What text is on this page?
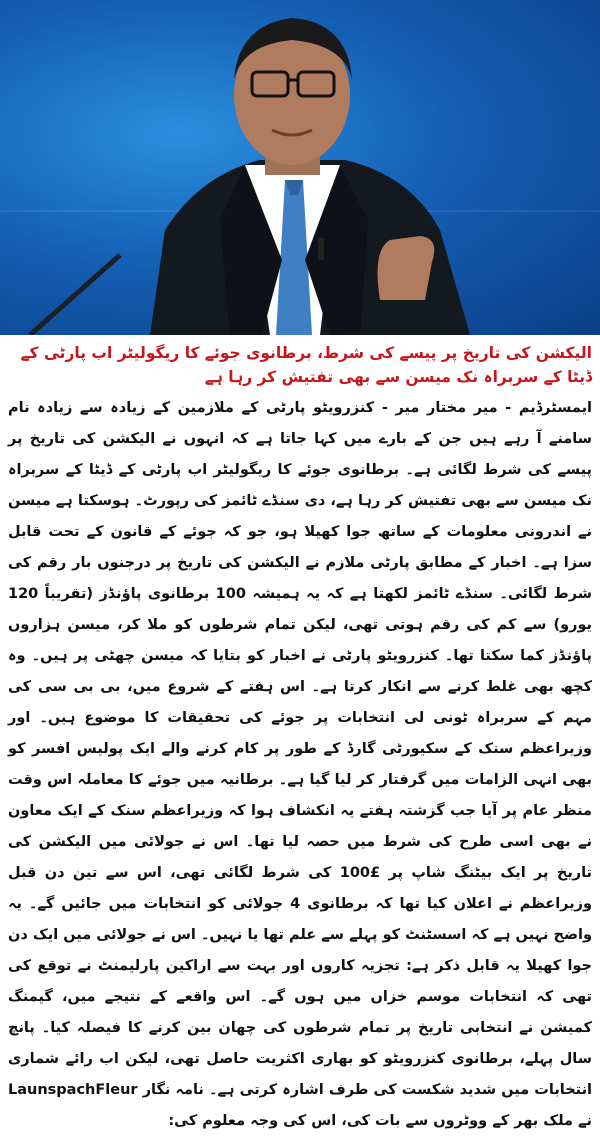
الیکشن کی تاریخ پر پیسے کی شرط، برطانوی جوئے کا ریگولیٹر اب پارٹی کے ڈیٹا کے سربراہ نک میسن سے بھی تفتیش کر رہا ہے

ایمسٹرڈیم - میر مختار میر - کنزرویٹو پارٹی کے ملازمین کے زیادہ سے زیادہ نام سامنے آ رہے ہیں جن کے بارے میں کہا جاتا ہے کہ انہوں نے الیکشن کی تاریخ پر پیسے کی شرط لگائی ہے۔ برطانوی جوئے کا ریگولیٹر اب پارٹی کے ڈیٹا کے سربراہ نک میسن سے بھی تفتیش کر رہا ہے، دی سنڈے ٹائمز کی رپورٹ۔ ہوسکتا ہے میسن نے اندرونی معلومات کے ساتھ جوا کھیلا ہو، جو کہ جوئے کے قانون کے تحت قابل سزا ہے۔ اخبار کے مطابق پارٹی ملازم نے الیکشن کی تاریخ پر درجنوں بار رقم کی شرط لگائی۔ سنڈے ٹائمز لکھتا ہے کہ یہ ہمیشہ 100 برطانوی پاؤنڈز (تقریباً 120 یورو) سے کم کی رقم ہوتی تھی، لیکن تمام شرطوں کو ملا کر، میسن ہزاروں پاؤنڈز کما سکتا تھا۔ کنزرویٹو پارٹی نے اخبار کو بتایا کہ میسن چھٹی پر ہیں۔ وہ کچھ بھی غلط کرنے سے انکار کرتا ہے۔ اس ہفتے کے شروع میں، بی بی سی کی مہم کے سربراہ ٹونی لی انتخابات پر جوئے کی تحقیقات کا موضوع ہیں۔ اور وزیراعظم سنک کے سکیورٹی گارڈ کے طور پر کام کرنے والے ایک پولیس افسر کو بھی انہی الزامات میں گرفتار کر لیا گیا ہے۔ برطانیہ میں جوئے کا معاملہ اس وقت منظر عام پر آیا جب گزشتہ ہفتے یہ انکشاف ہوا کہ وزیراعظم سنک کے ایک معاون نے بھی اسی طرح کی شرط میں حصہ لیا تھا۔ اس نے جولائی میں الیکشن کی تاریخ پر ایک بیٹنگ شاپ پر £100 کی شرط لگائی تھی، اس سے تین دن قبل وزیراعظم نے اعلان کیا تھا کہ برطانوی 4 جولائی کو انتخابات میں جائیں گے۔ یہ واضح نہیں ہے کہ اسسٹنٹ کو پہلے سے علم تھا یا نہیں۔ اس نے جولائی میں ایک دن جوا کھیلا یہ قابل ذکر ہے: تجزیہ کاروں اور بہت سے اراکین پارلیمنٹ نے توقع کی تھی کہ انتخابات موسم خزاں میں ہوں گے۔ اس واقعے کے نتیجے میں، گیمنگ کمیشن نے انتخابی تاریخ پر تمام شرطوں کی چھان بین کرنے کا فیصلہ کیا۔ پانچ سال پہلے، برطانوی کنزرویٹو کو بھاری اکثریت حاصل تھی، لیکن اب رائے شماری انتخابات میں شدید شکست کی طرف اشارہ کرتی ہے۔ نامہ نگار LaunspachFleur نے ملک بھر کے ووٹروں سے بات کی، اس کی وجہ معلوم کی:
